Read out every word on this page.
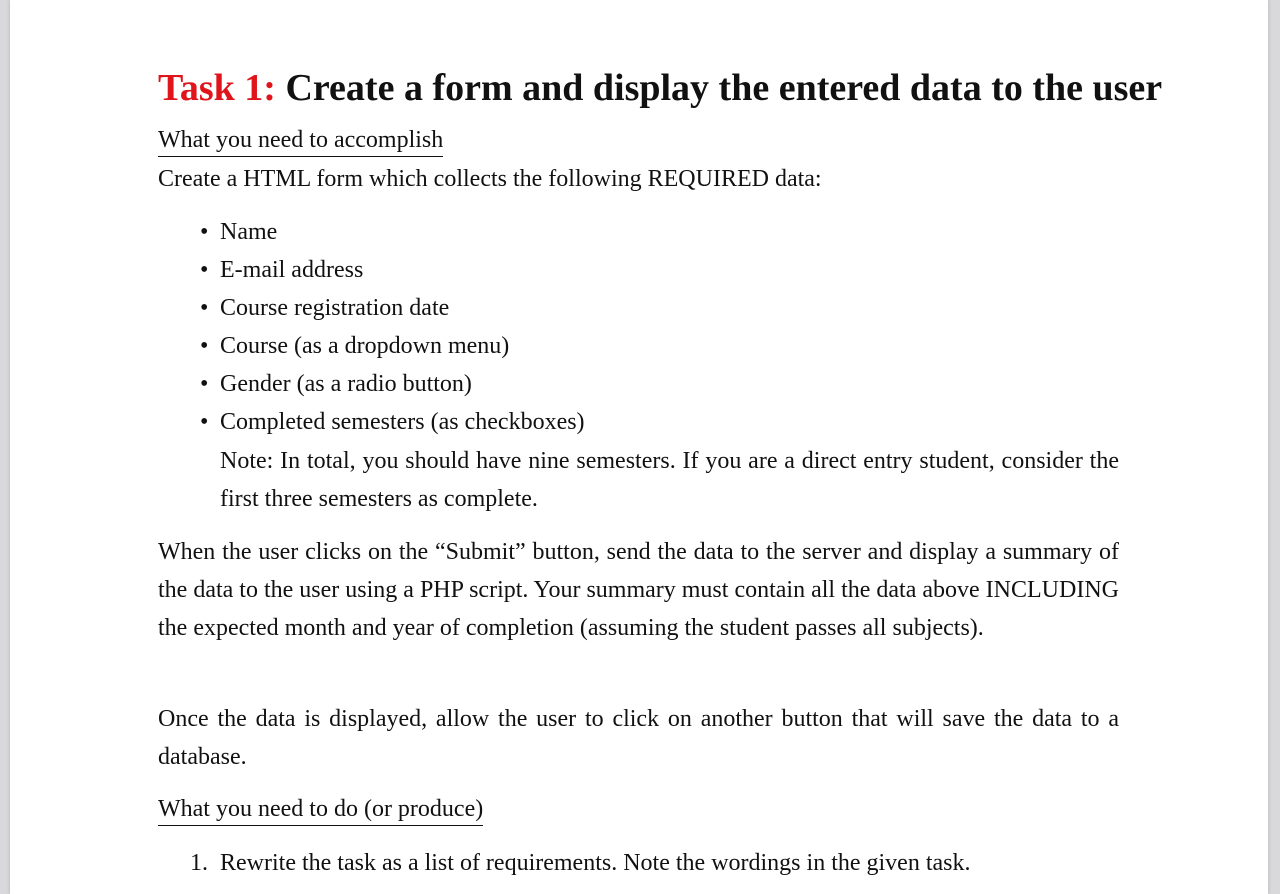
Task 1: Create a form and display the entered data to the user
What you need to accomplish

Create a HTML form which collects the following REQUIRED data:

• Name
• E-mail address
• Course registration date
• Course (as a dropdown menu)
• Gender (as a radio button)
• Completed semesters (as checkboxes)

Note: In total, you should have nine semesters. If you are a direct entry student, consider the first three semesters as complete.

When the user clicks on the “Submit” button, send the data to the server and display a summary of the data to the user using a PHP script. Your summary must contain all the data above INCLUDING the expected month and year of completion (assuming the student passes all subjects).

Once the data is displayed, allow the user to click on another button that will save the data to a database.

What you need to do (or produce)
1. Rewrite the task as a list of requirements. Note the wordings in the given task.
